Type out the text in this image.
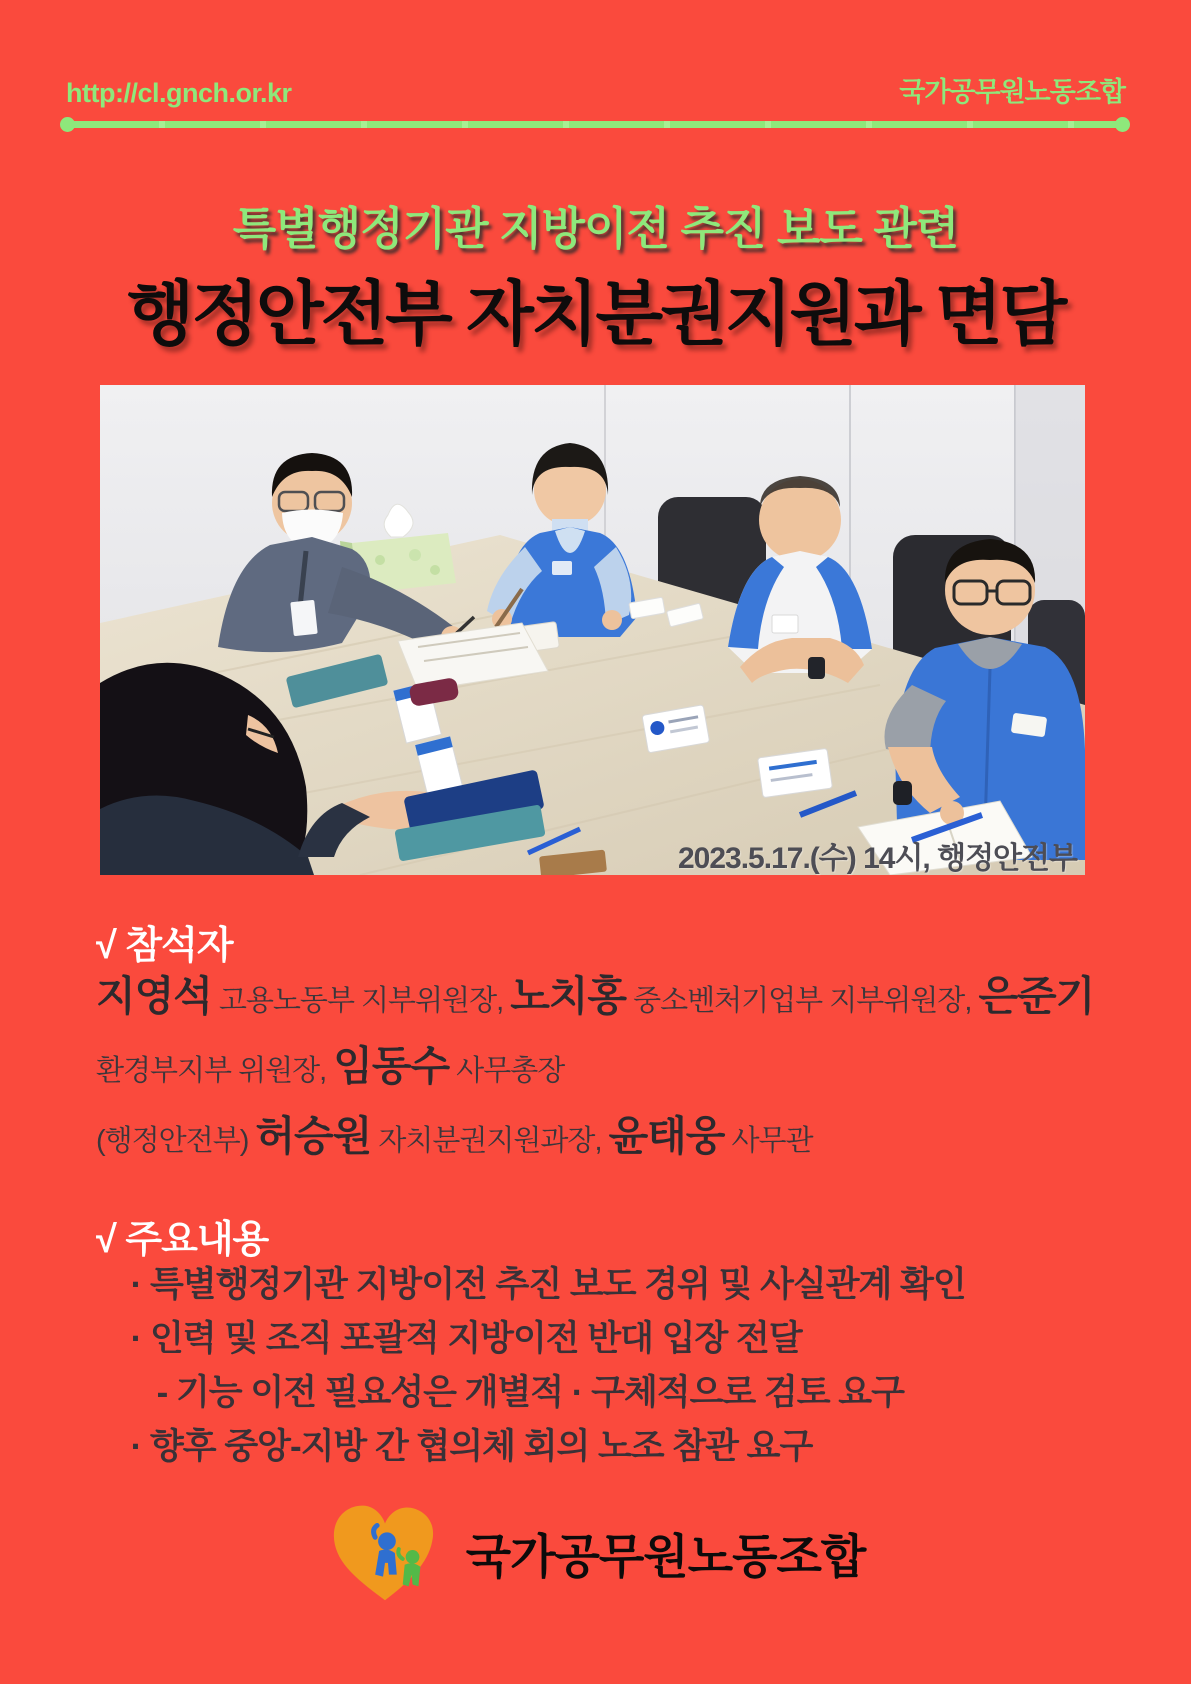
http://cl.gnch.or.kr	국가공무원노동조합
특별행정기관 지방이전 추진 보도 관련
행정안전부 자치분권지원과 면담
2023.5.17.(수) 14시, 행정안전부
√ 참석자
지영석 고용노동부 지부위원장, 노치홍 중소벤처기업부 지부위원장, 은준기
환경부지부 위원장, 임동수 사무총장
(행정안전부) 허승원 자치분권지원과장, 윤태웅 사무관
√ 주요내용
· 특별행정기관 지방이전 추진 보도 경위 및 사실관계 확인
· 인력 및 조직 포괄적 지방이전 반대 입장 전달
- 기능 이전 필요성은 개별적 · 구체적으로 검토 요구
· 향후 중앙-지방 간 협의체 회의 노조 참관 요구
국가공무원노동조합
